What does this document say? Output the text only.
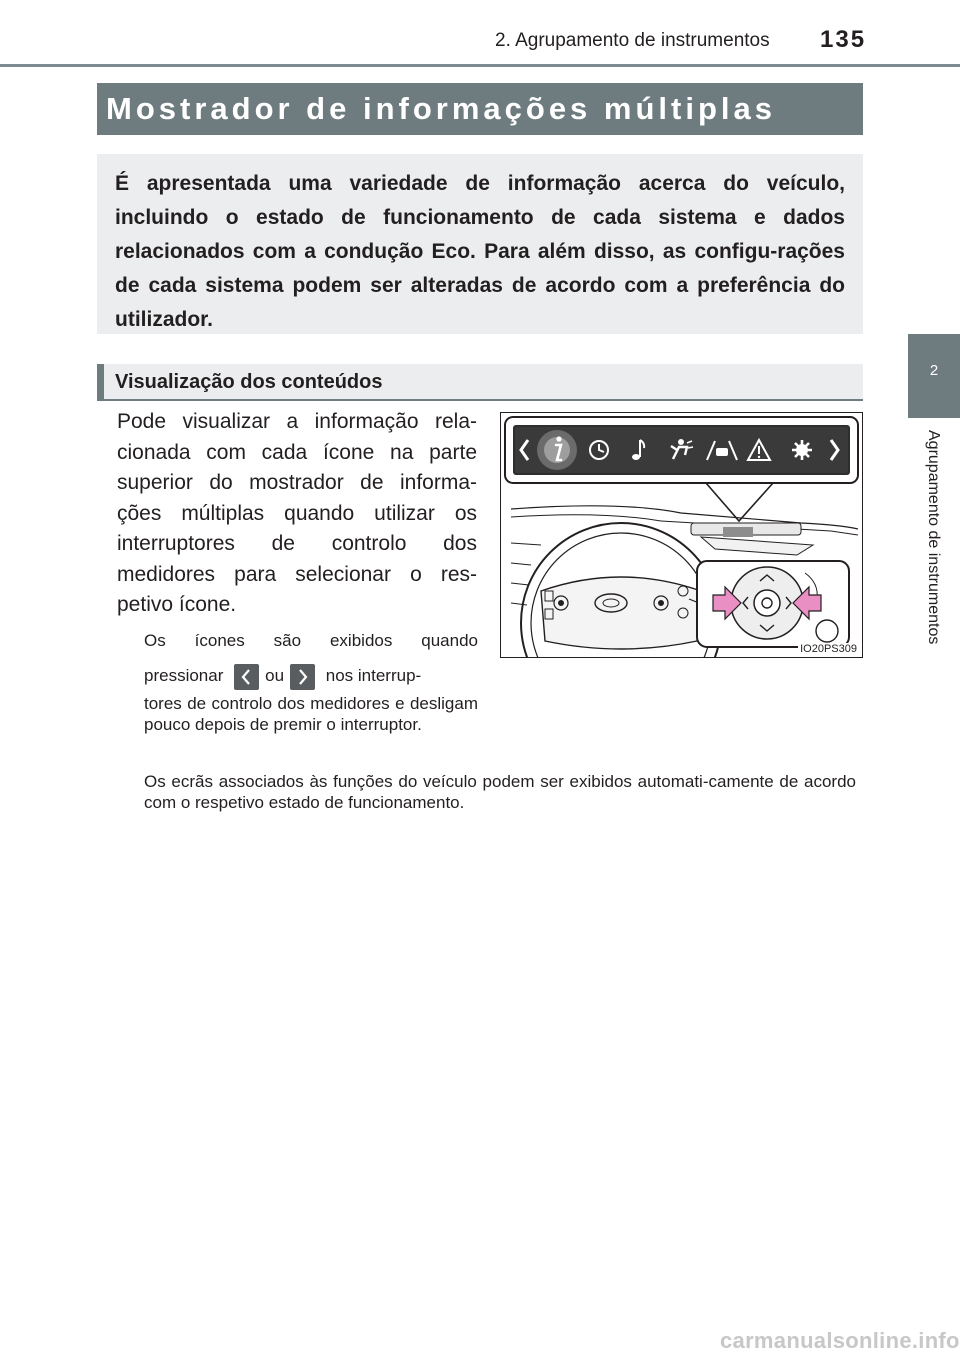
2. Agrupamento de instrumentos 135
2
Agrupamento de instrumentos
Mostrador de informações múltiplas

É apresentada uma variedade de informação acerca do veículo, incluindo o estado de funcionamento de cada sistema e dados relacionados com a condução Eco. Para além disso, as configu-rações de cada sistema podem ser alteradas de acordo com a preferência do utilizador.

Visualização dos conteúdos

Pode visualizar a informação rela-cionada com cada ícone na parte superior do mostrador de informa-ções múltiplas quando utilizar os interruptores de controlo dos medidores para selecionar o res-petivo ícone.

Os ícones são exibidos quando
pressionar ou nos interrup-
tores de controlo dos medidores e desligam pouco depois de premir o interruptor.

Os ecrãs associados às funções do veículo podem ser exibidos automati-camente de acordo com o respetivo estado de funcionamento.

IO20PS309
carmanualsonline.info
